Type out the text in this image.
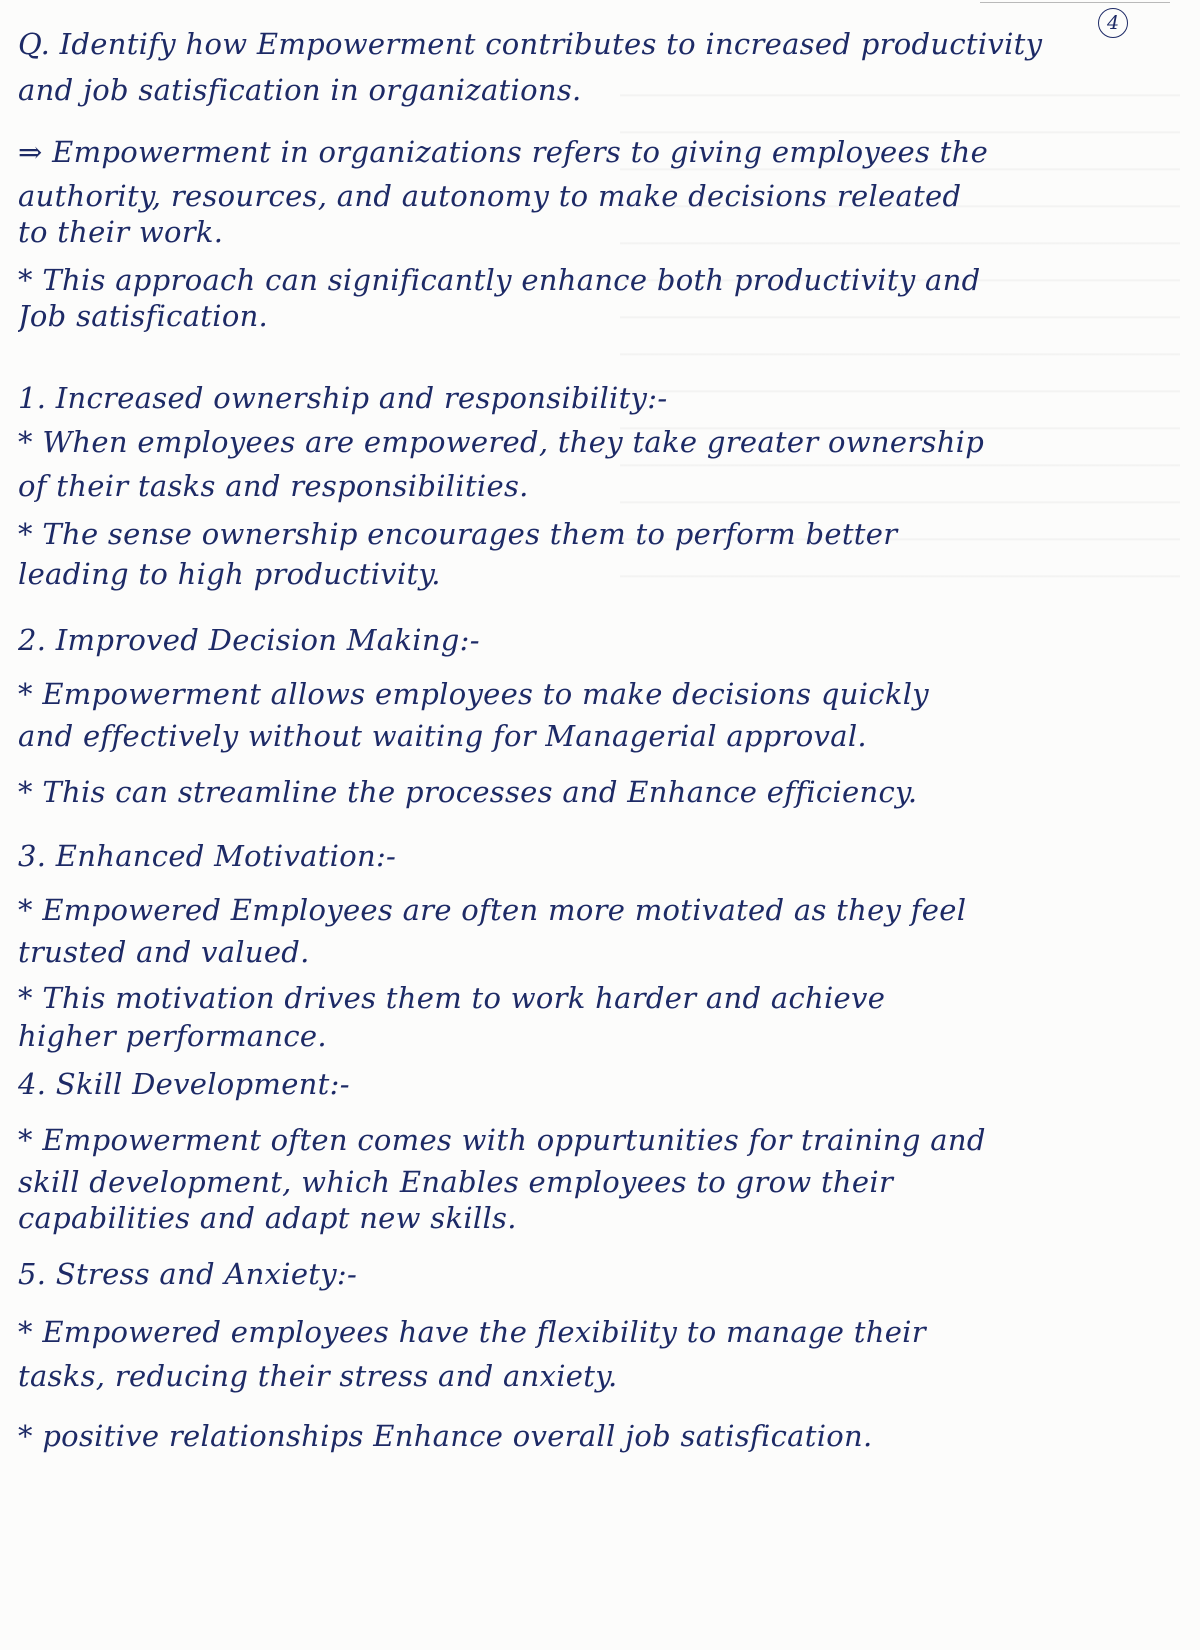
4
Q. Identify how Empowerment contributes to increased productivity
and job satisfication in organizations.
⇒ Empowerment in organizations refers to giving employees the
authority, resources, and autonomy to make decisions releated
to their work.
* This approach can significantly enhance both productivity and
Job satisfication.
1. Increased ownership and responsibility:-
* When employees are empowered, they take greater ownership
of their tasks and responsibilities.
* The sense ownership encourages them to perform better
leading to high productivity.
2. Improved Decision Making:-
* Empowerment allows employees to make decisions quickly
and effectively without waiting for Managerial approval.
* This can streamline the processes and Enhance efficiency.
3. Enhanced Motivation:-
* Empowered Employees are often more motivated as they feel
trusted and valued.
* This motivation drives them to work harder and achieve
higher performance.
4. Skill Development:-
* Empowerment often comes with oppurtunities for training and
skill development, which Enables employees to grow their
capabilities and adapt new skills.
5. Stress and Anxiety:-
* Empowered employees have the flexibility to manage their
tasks, reducing their stress and anxiety.
* positive relationships Enhance overall job satisfication.
